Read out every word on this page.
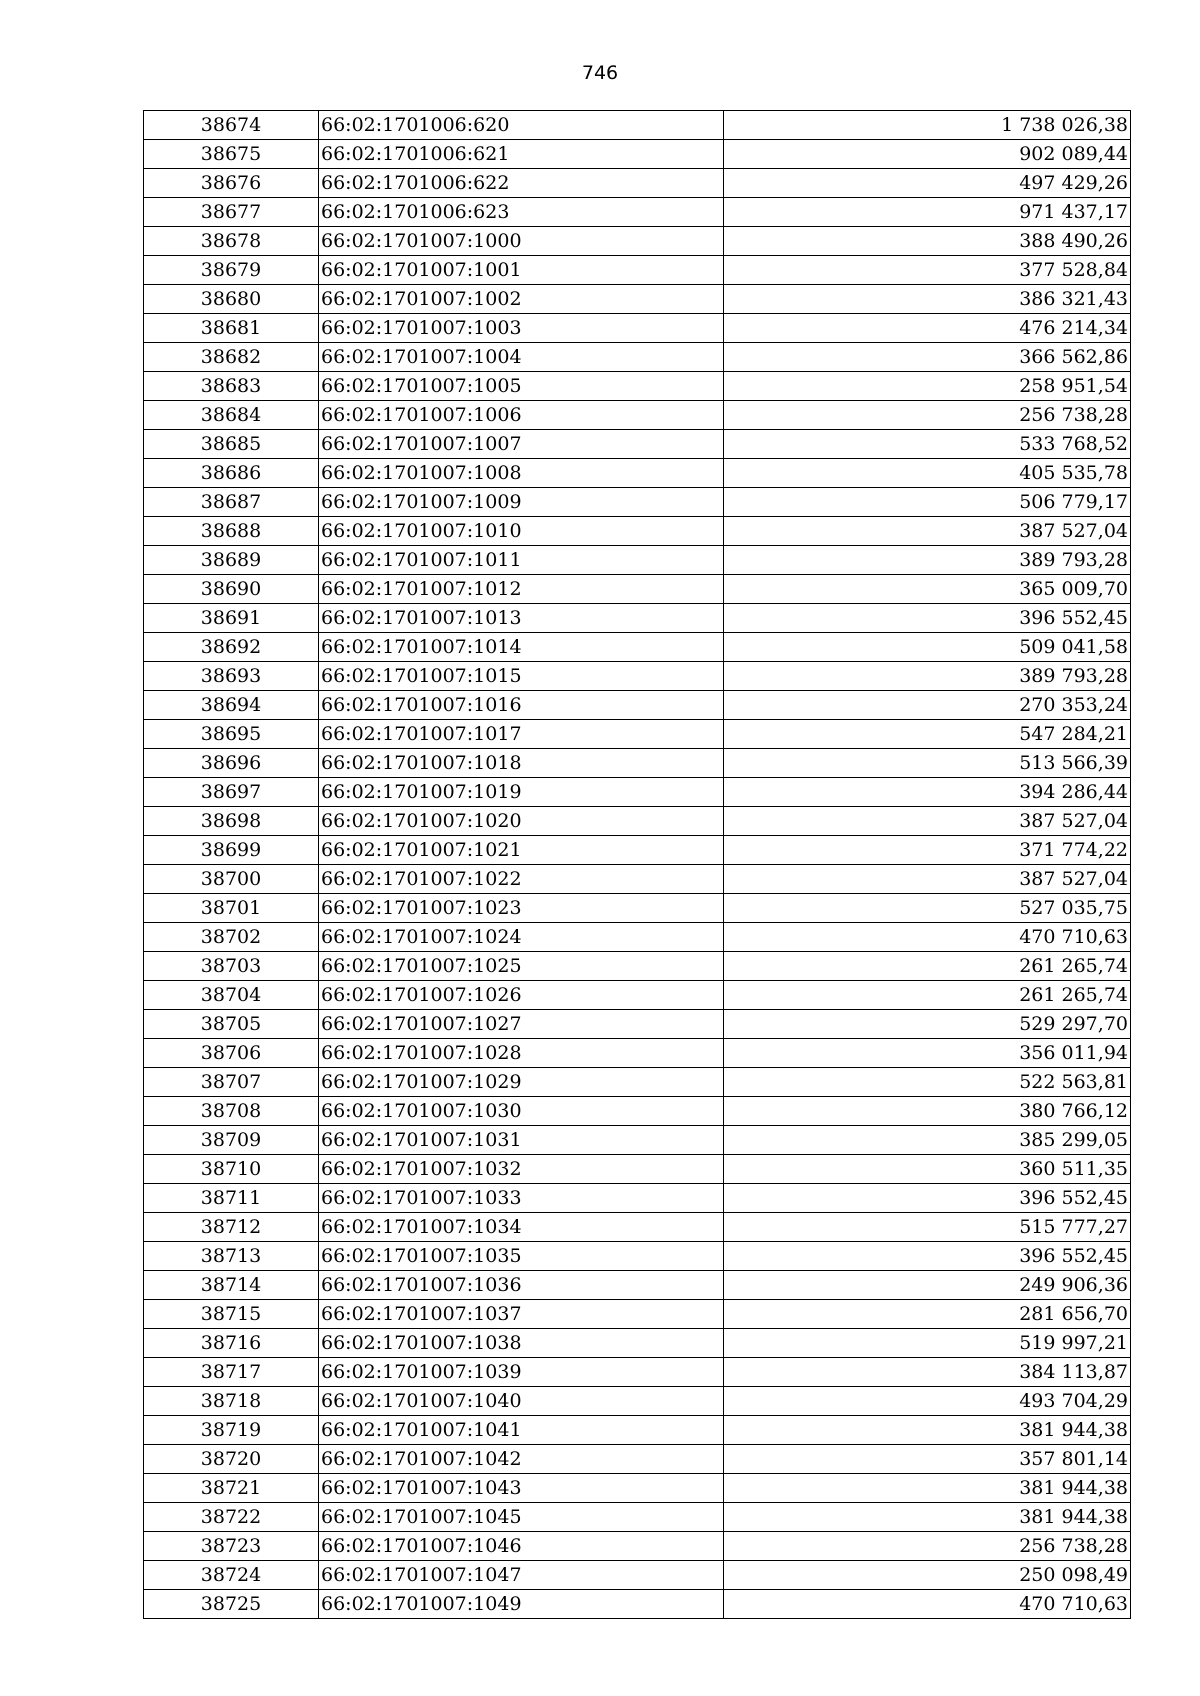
746
38674	66:02:1701006:620	1 738 026,38
38675	66:02:1701006:621	902 089,44
38676	66:02:1701006:622	497 429,26
38677	66:02:1701006:623	971 437,17
38678	66:02:1701007:1000	388 490,26
38679	66:02:1701007:1001	377 528,84
38680	66:02:1701007:1002	386 321,43
38681	66:02:1701007:1003	476 214,34
38682	66:02:1701007:1004	366 562,86
38683	66:02:1701007:1005	258 951,54
38684	66:02:1701007:1006	256 738,28
38685	66:02:1701007:1007	533 768,52
38686	66:02:1701007:1008	405 535,78
38687	66:02:1701007:1009	506 779,17
38688	66:02:1701007:1010	387 527,04
38689	66:02:1701007:1011	389 793,28
38690	66:02:1701007:1012	365 009,70
38691	66:02:1701007:1013	396 552,45
38692	66:02:1701007:1014	509 041,58
38693	66:02:1701007:1015	389 793,28
38694	66:02:1701007:1016	270 353,24
38695	66:02:1701007:1017	547 284,21
38696	66:02:1701007:1018	513 566,39
38697	66:02:1701007:1019	394 286,44
38698	66:02:1701007:1020	387 527,04
38699	66:02:1701007:1021	371 774,22
38700	66:02:1701007:1022	387 527,04
38701	66:02:1701007:1023	527 035,75
38702	66:02:1701007:1024	470 710,63
38703	66:02:1701007:1025	261 265,74
38704	66:02:1701007:1026	261 265,74
38705	66:02:1701007:1027	529 297,70
38706	66:02:1701007:1028	356 011,94
38707	66:02:1701007:1029	522 563,81
38708	66:02:1701007:1030	380 766,12
38709	66:02:1701007:1031	385 299,05
38710	66:02:1701007:1032	360 511,35
38711	66:02:1701007:1033	396 552,45
38712	66:02:1701007:1034	515 777,27
38713	66:02:1701007:1035	396 552,45
38714	66:02:1701007:1036	249 906,36
38715	66:02:1701007:1037	281 656,70
38716	66:02:1701007:1038	519 997,21
38717	66:02:1701007:1039	384 113,87
38718	66:02:1701007:1040	493 704,29
38719	66:02:1701007:1041	381 944,38
38720	66:02:1701007:1042	357 801,14
38721	66:02:1701007:1043	381 944,38
38722	66:02:1701007:1045	381 944,38
38723	66:02:1701007:1046	256 738,28
38724	66:02:1701007:1047	250 098,49
38725	66:02:1701007:1049	470 710,63
